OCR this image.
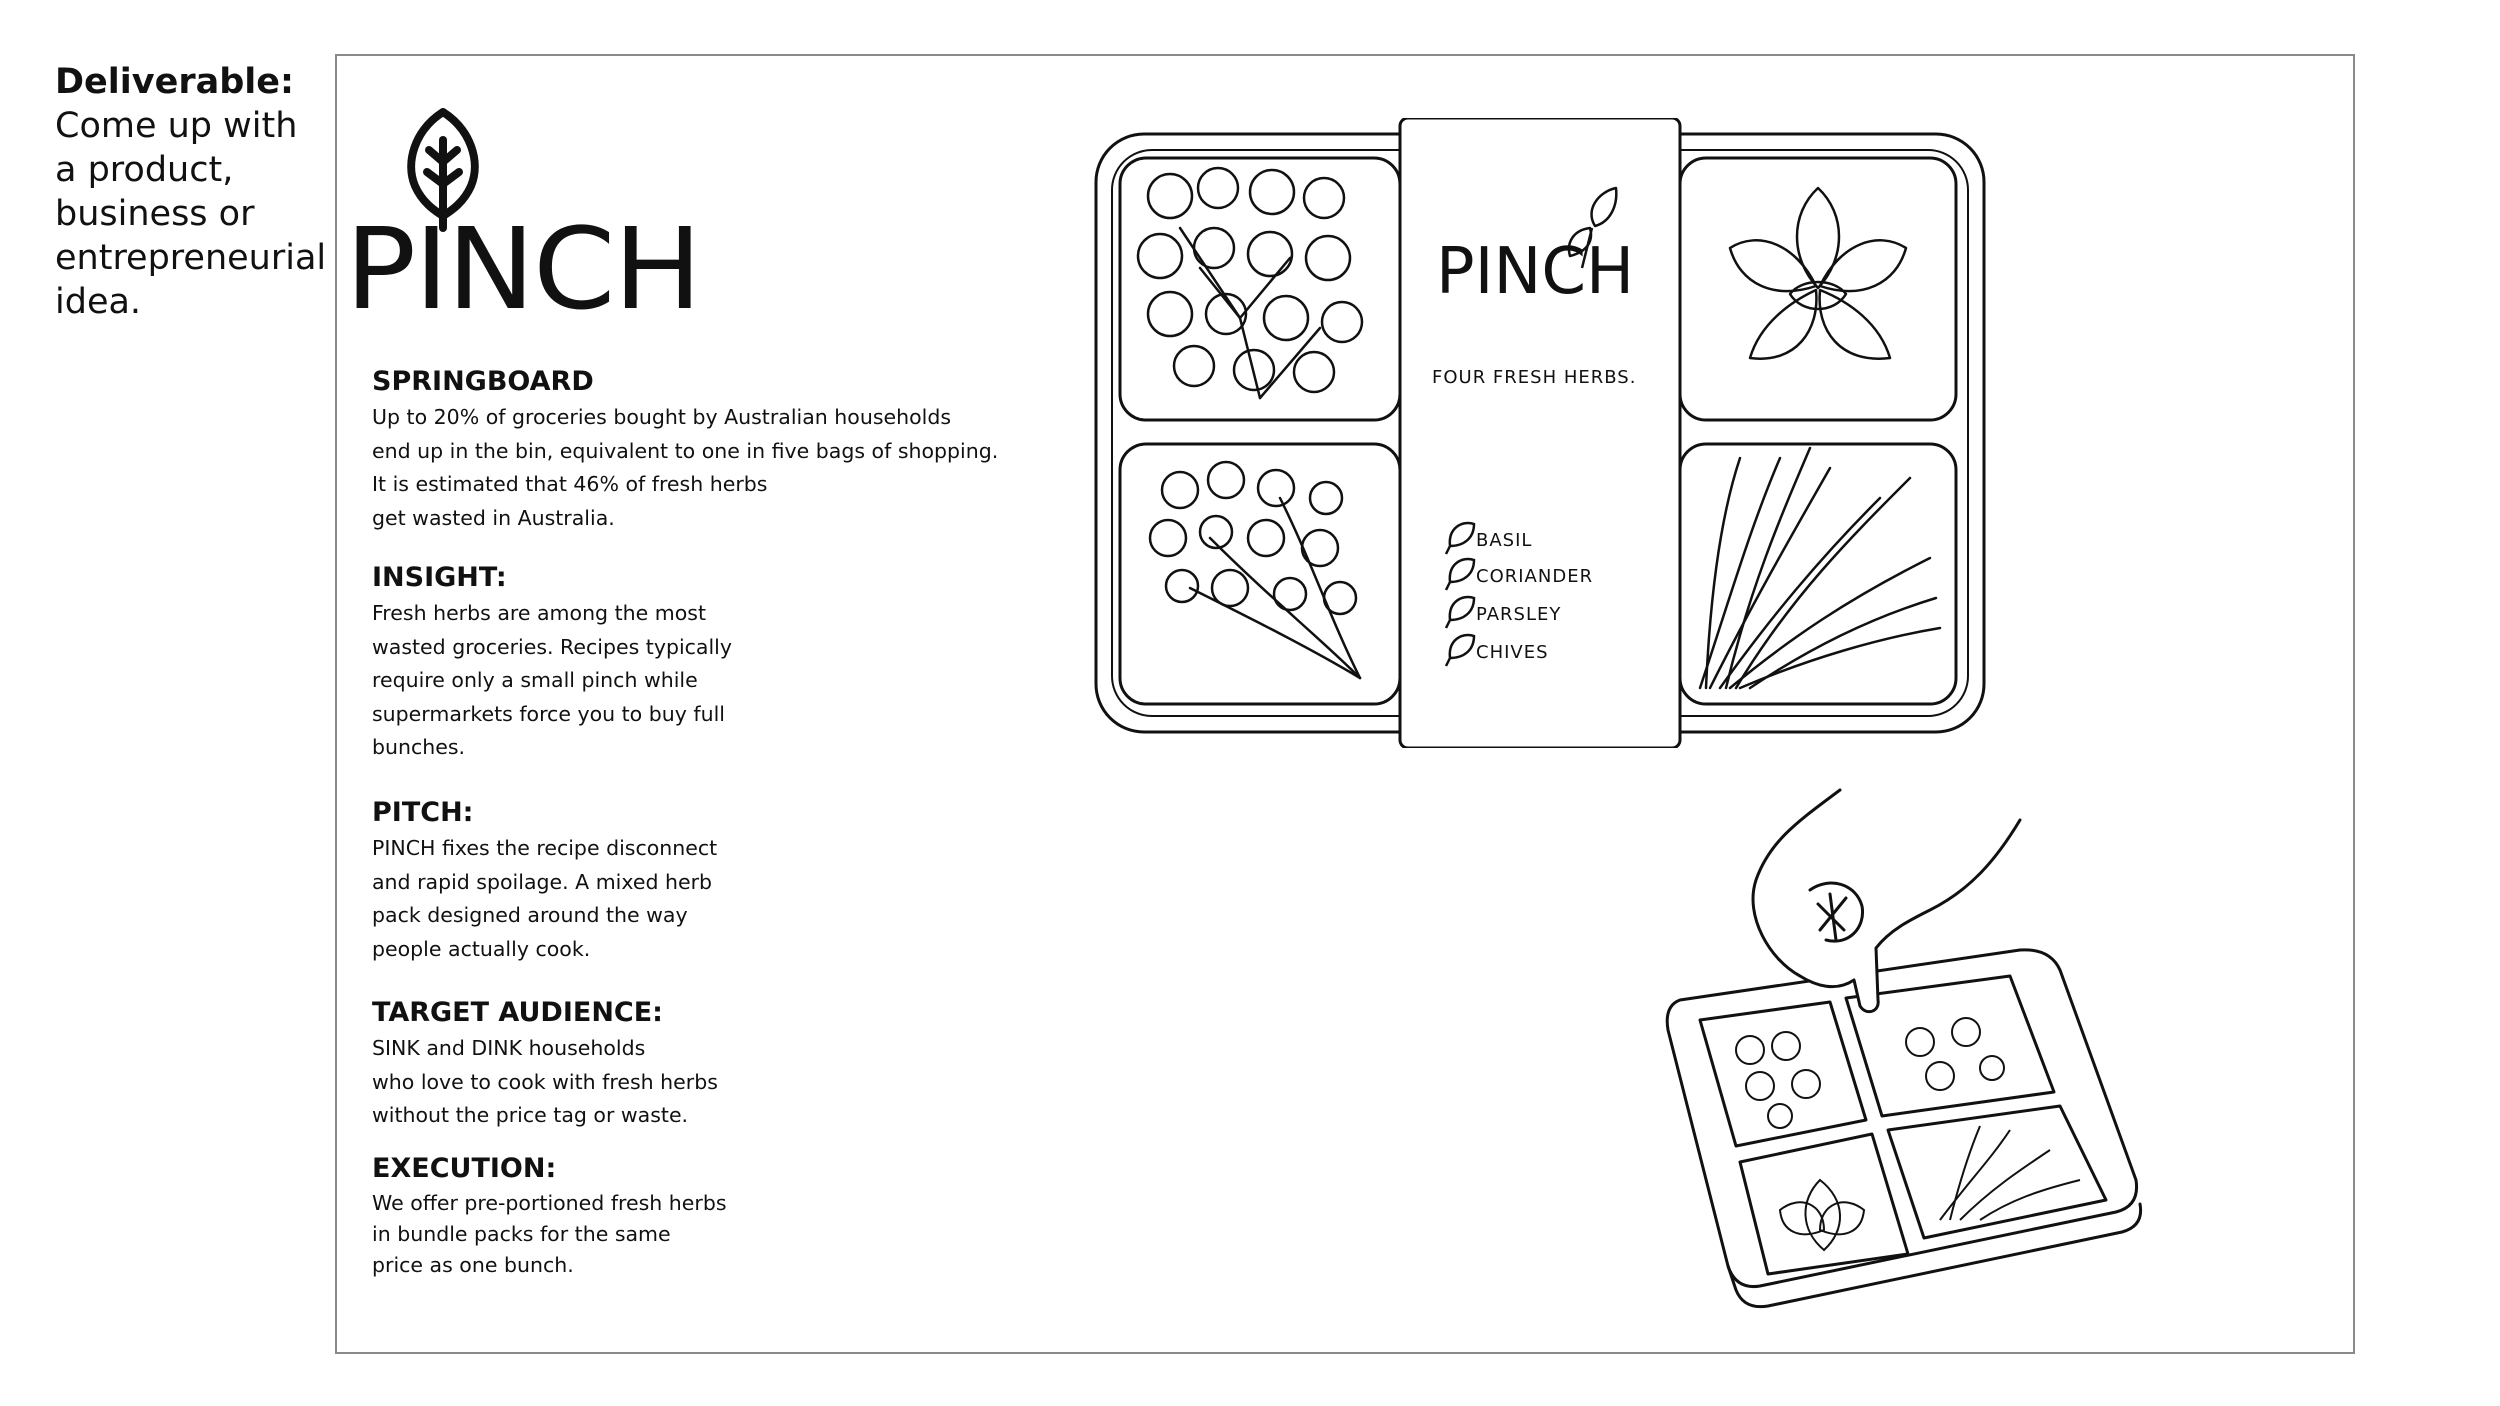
Deliverable:
Come up with a product, business or entrepreneurial idea.	PINCH
SPRINGBOARD

Up to 20% of groceries bought by Australian households
end up in the bin, equivalent to one in five bags of shopping.
It is estimated that 46% of fresh herbs
get wasted in Australia.

INSIGHT:

Fresh herbs are among the most
wasted groceries. Recipes typically
require only a small pinch while
supermarkets force you to buy full
bunches.

PITCH:

PINCH fixes the recipe disconnect
and rapid spoilage. A mixed herb
pack designed around the way
people actually cook.

TARGET AUDIENCE:

SINK and DINK households
who love to cook with fresh herbs
without the price tag or waste.

EXECUTION:

We offer pre-portioned fresh herbs
in bundle packs for the same
price as one bunch.

PINCH
FOUR FRESH HERBS.
BASIL
CORIANDER
PARSLEY
CHIVES
